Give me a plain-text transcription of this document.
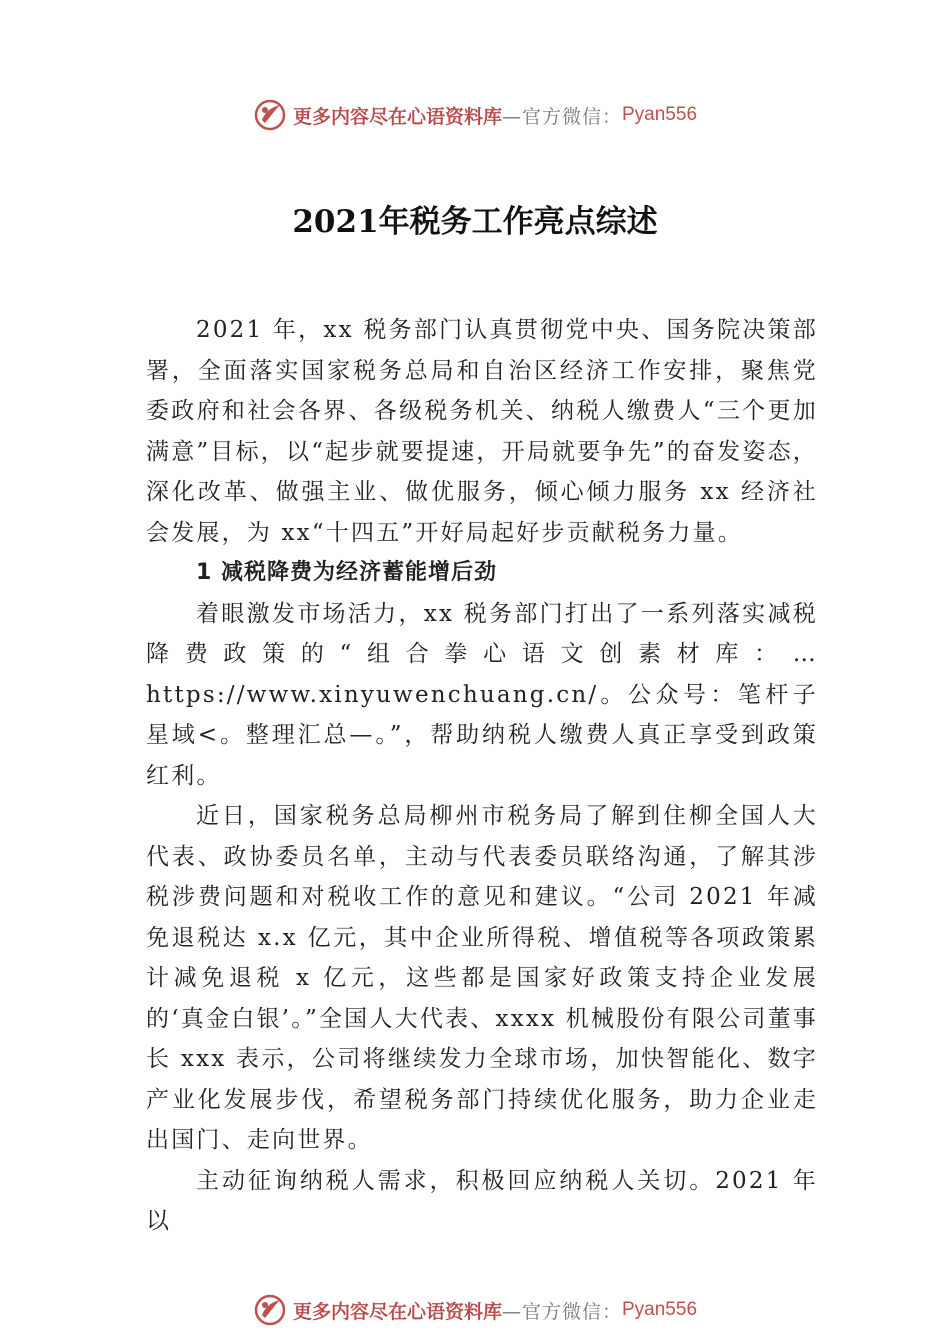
更多内容尽在心语资料库 —官方微信： Pyan556
2021年税务工作亮点综述

2021 年，xx 税务部门认真贯彻党中央、国务院决策部署，全面落实国家税务总局和自治区经济工作安排，聚焦党委政府和社会各界、各级税务机关、纳税人缴费人“三个更加满意”目标，以“起步就要提速，开局就要争先”的奋发姿态，深化改革、做强主业、做优服务，倾心倾力服务 xx 经济社会发展，为 xx“十四五”开好局起好步贡献税务力量。

1 减税降费为经济蓄能增后劲

着眼激发市场活力，xx 税务部门打出了一系列落实减税降费政策的“组合拳心语文创素材库：…https://www.xinyuwenchuang.cn/。公众号：笔杆子星域<。整理汇总—。”，帮助纳税人缴费人真正享受到政策红利。

近日，国家税务总局柳州市税务局了解到住柳全国人大代表、政协委员名单，主动与代表委员联络沟通，了解其涉税涉费问题和对税收工作的意见和建议。“公司 2021 年减免退税达 x.x 亿元，其中企业所得税、增值税等各项政策累计减免退税 x 亿元，这些都是国家好政策支持企业发展的‘真金白银’。”全国人大代表、xxxx 机械股份有限公司董事长 xxx 表示，公司将继续发力全球市场，加快智能化、数字产业化发展步伐，希望税务部门持续优化服务，助力企业走出国门、走向世界。

主动征询纳税人需求，积极回应纳税人关切。2021 年以

更多内容尽在心语资料库 —官方微信： Pyan556
